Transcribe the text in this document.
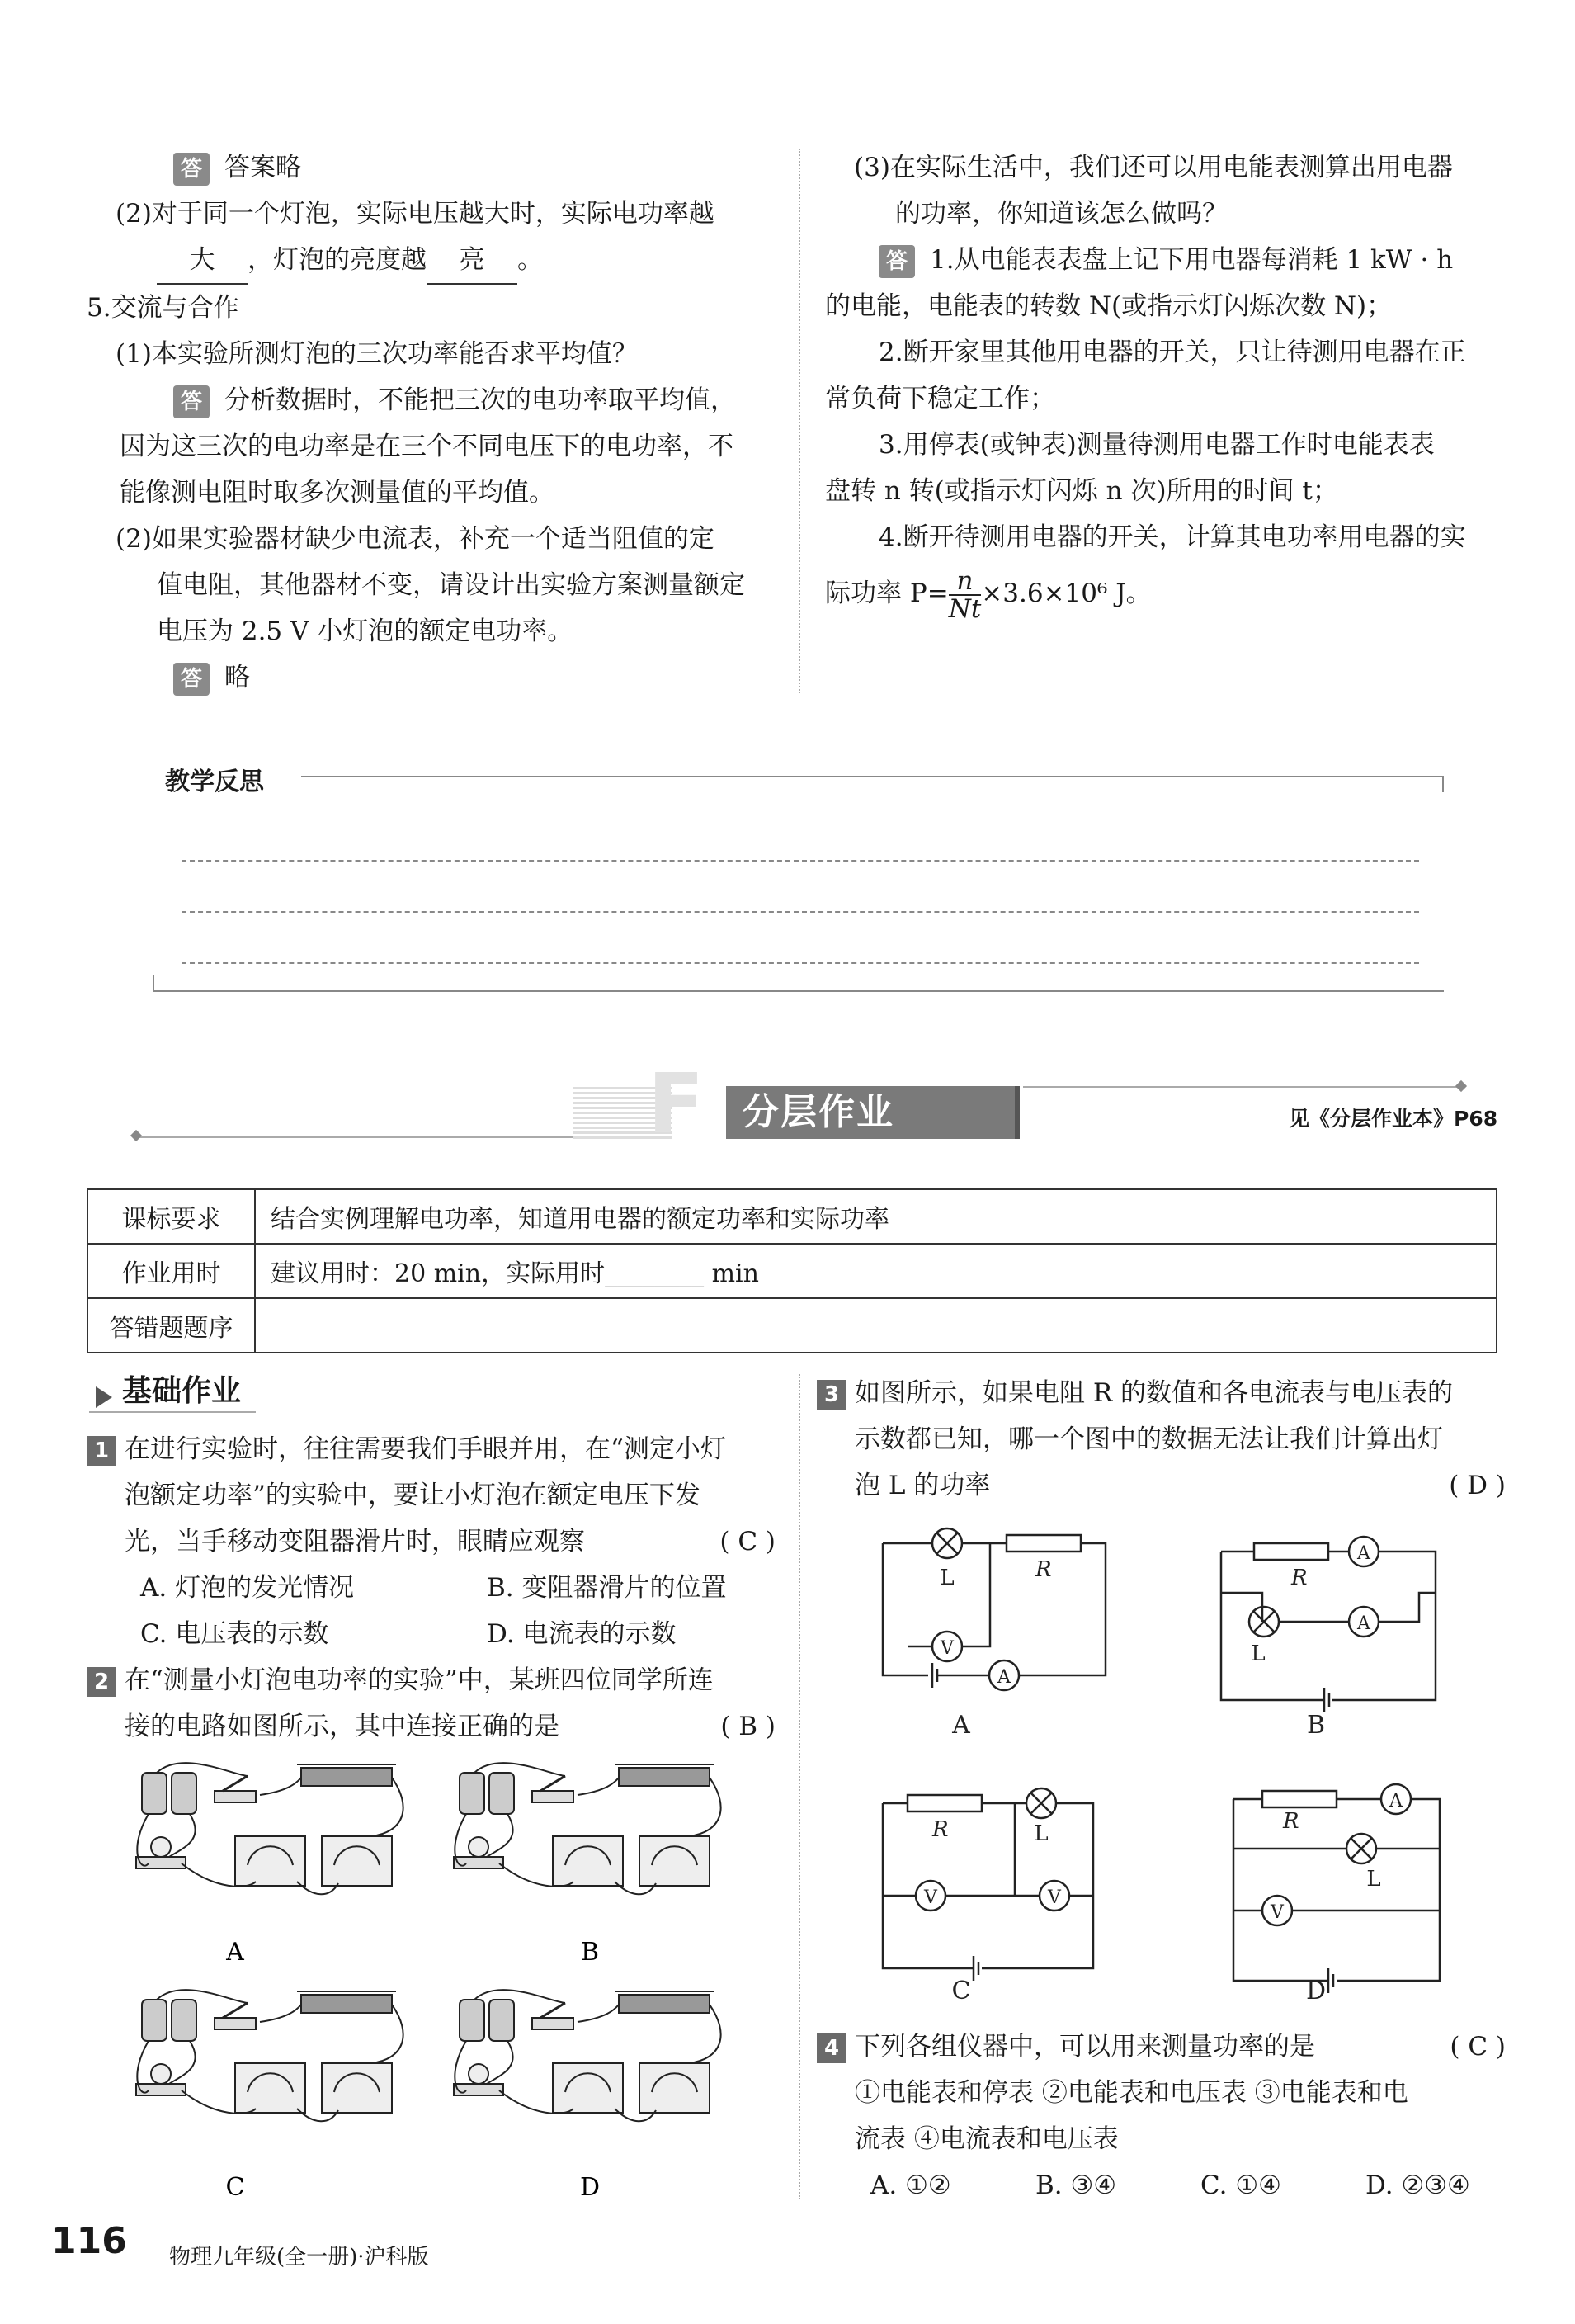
答 答案略
(2)对于同一个灯泡，实际电压越大时，实际电功率越
大 ，灯泡的亮度越 亮 。
5.交流与合作
(1)本实验所测灯泡的三次功率能否求平均值？
答 分析数据时，不能把三次的电功率取平均值，
因为这三次的电功率是在三个不同电压下的电功率，不
能像测电阻时取多次测量值的平均值。
(2)如果实验器材缺少电流表，补充一个适当阻值的定
值电阻，其他器材不变，请设计出实验方案测量额定
电压为 2.5 V 小灯泡的额定电功率。
答 略
(3)在实际生活中，我们还可以用电能表测算出用电器
的功率，你知道该怎么做吗？
答 1.从电能表表盘上记下用电器每消耗 1 kW · h
的电能，电能表的转数 N(或指示灯闪烁次数 N)；
2.断开家里其他用电器的开关，只让待测用电器在正
常负荷下稳定工作；
3.用停表(或钟表)测量待测用电器工作时电能表表
盘转 n 转(或指示灯闪烁 n 次)所用的时间 t；
4.断开待测用电器的开关，计算其电功率用电器的实
际功率 $P= \frac{n}{Nt} \times 3.6\times 10^6$ J。
教学反思
F 分层作业	见《分层作业本》P68
课标要求	结合实例理解电功率，知道用电器的额定功率和实际功率
作业用时	建议用时：20 min，实际用时________ min
答错题题序	
基础作业
1 在进行实验时，往往需要我们手眼并用，在“测定小灯
泡额定功率”的实验中，要让小灯泡在额定电压下发
光，当手移动变阻器滑片时，眼睛应观察	( C )
A. 灯泡的发光情况	B. 变阻器滑片的位置
C. 电压表的示数	D. 电流表的示数
2 在“测量小灯泡电功率的实验”中，某班四位同学所连
接的电路如图所示，其中连接正确的是	( B )
A	B
C	D
3 如图所示，如果电阻 R 的数值和各电流表与电压表的
示数都已知，哪一个图中的数据无法让我们计算出灯
泡 L 的功率	( D )
L	R
V
A
R
A
A
L
R	L
V	V
R
A
L
V
A	B
C	D
4 下列各组仪器中，可以用来测量功率的是	( C )
①电能表和停表 ②电能表和电压表 ③电能表和电
流表 ④电流表和电压表
A. ①②	B. ③④	C. ①④	D. ②③④
116 物理九年级(全一册)·沪科版
